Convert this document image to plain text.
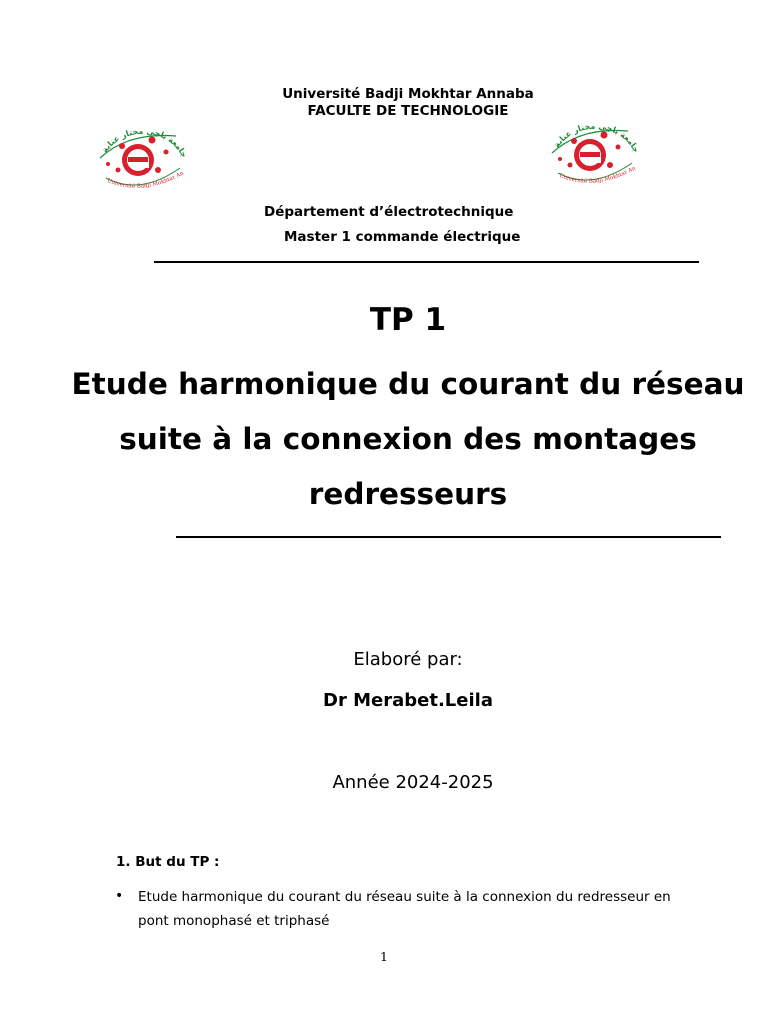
Université Badji Mokhtar Annaba
FACULTE DE TECHNOLOGIE
جامعة باجي مختار عنابة
Université Badji Mokhtar An
جامعة باجي مختار عنابة
Université Badji Mokhtar An
Département d’électrotechnique
Master 1 commande électrique
TP 1
Etude harmonique du courant du réseau suite à la connexion des montages redresseurs
Elaboré par:
Dr Merabet.Leila
Année 2024-2025
1. But du TP :
• Etude harmonique du courant du réseau suite à la connexion du redresseur en pont monophasé et triphasé
1
